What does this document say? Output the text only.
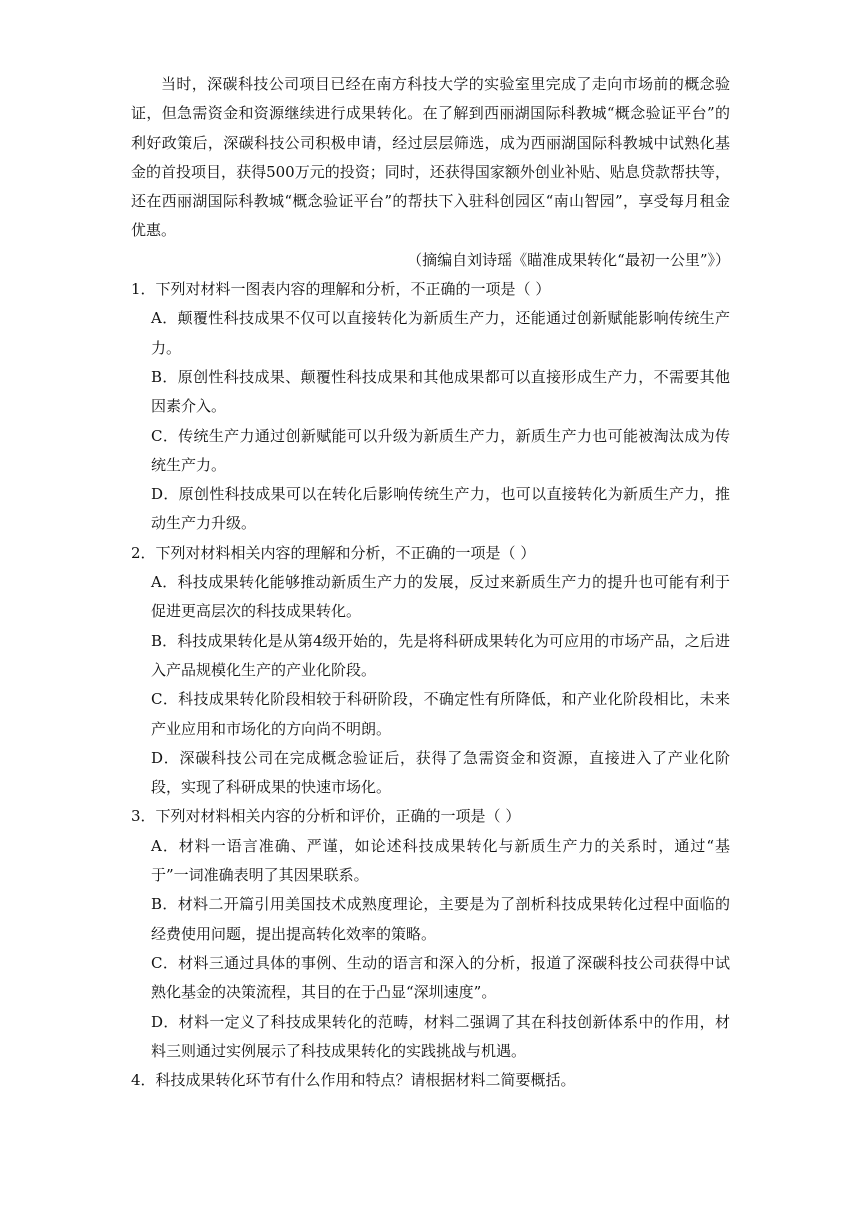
当时，深碳科技公司项目已经在南方科技大学的实验室里完成了走向市场前的概念验证，但急需资金和资源继续进行成果转化。在了解到西丽湖国际科教城“概念验证平台”的利好政策后，深碳科技公司积极申请，经过层层筛选，成为西丽湖国际科教城中试熟化基金的首投项目，获得500万元的投资；同时，还获得国家额外创业补贴、贴息贷款帮扶等，还在西丽湖国际科教城“概念验证平台”的帮扶下入驻科创园区“南山智园”，享受每月租金优惠。

（摘编自刘诗瑶《瞄准成果转化“最初一公里”》）

1．下列对材料一图表内容的理解和分析，不正确的一项是（ ）

A．颠覆性科技成果不仅可以直接转化为新质生产力，还能通过创新赋能影响传统生产力。

B．原创性科技成果、颠覆性科技成果和其他成果都可以直接形成生产力，不需要其他因素介入。

C．传统生产力通过创新赋能可以升级为新质生产力，新质生产力也可能被淘汰成为传统生产力。

D．原创性科技成果可以在转化后影响传统生产力，也可以直接转化为新质生产力，推动生产力升级。

2．下列对材料相关内容的理解和分析，不正确的一项是（ ）

A．科技成果转化能够推动新质生产力的发展，反过来新质生产力的提升也可能有利于促进更高层次的科技成果转化。

B．科技成果转化是从第4级开始的，先是将科研成果转化为可应用的市场产品，之后进入产品规模化生产的产业化阶段。

C．科技成果转化阶段相较于科研阶段，不确定性有所降低，和产业化阶段相比，未来产业应用和市场化的方向尚不明朗。

D．深碳科技公司在完成概念验证后，获得了急需资金和资源，直接进入了产业化阶段，实现了科研成果的快速市场化。

3．下列对材料相关内容的分析和评价，正确的一项是（ ）

A．材料一语言准确、严谨，如论述科技成果转化与新质生产力的关系时，通过“基于”一词准确表明了其因果联系。

B．材料二开篇引用美国技术成熟度理论，主要是为了剖析科技成果转化过程中面临的经费使用问题，提出提高转化效率的策略。

C．材料三通过具体的事例、生动的语言和深入的分析，报道了深碳科技公司获得中试熟化基金的决策流程，其目的在于凸显“深圳速度”。

D．材料一定义了科技成果转化的范畴，材料二强调了其在科技创新体系中的作用，材料三则通过实例展示了科技成果转化的实践挑战与机遇。

4．科技成果转化环节有什么作用和特点？请根据材料二简要概括。
